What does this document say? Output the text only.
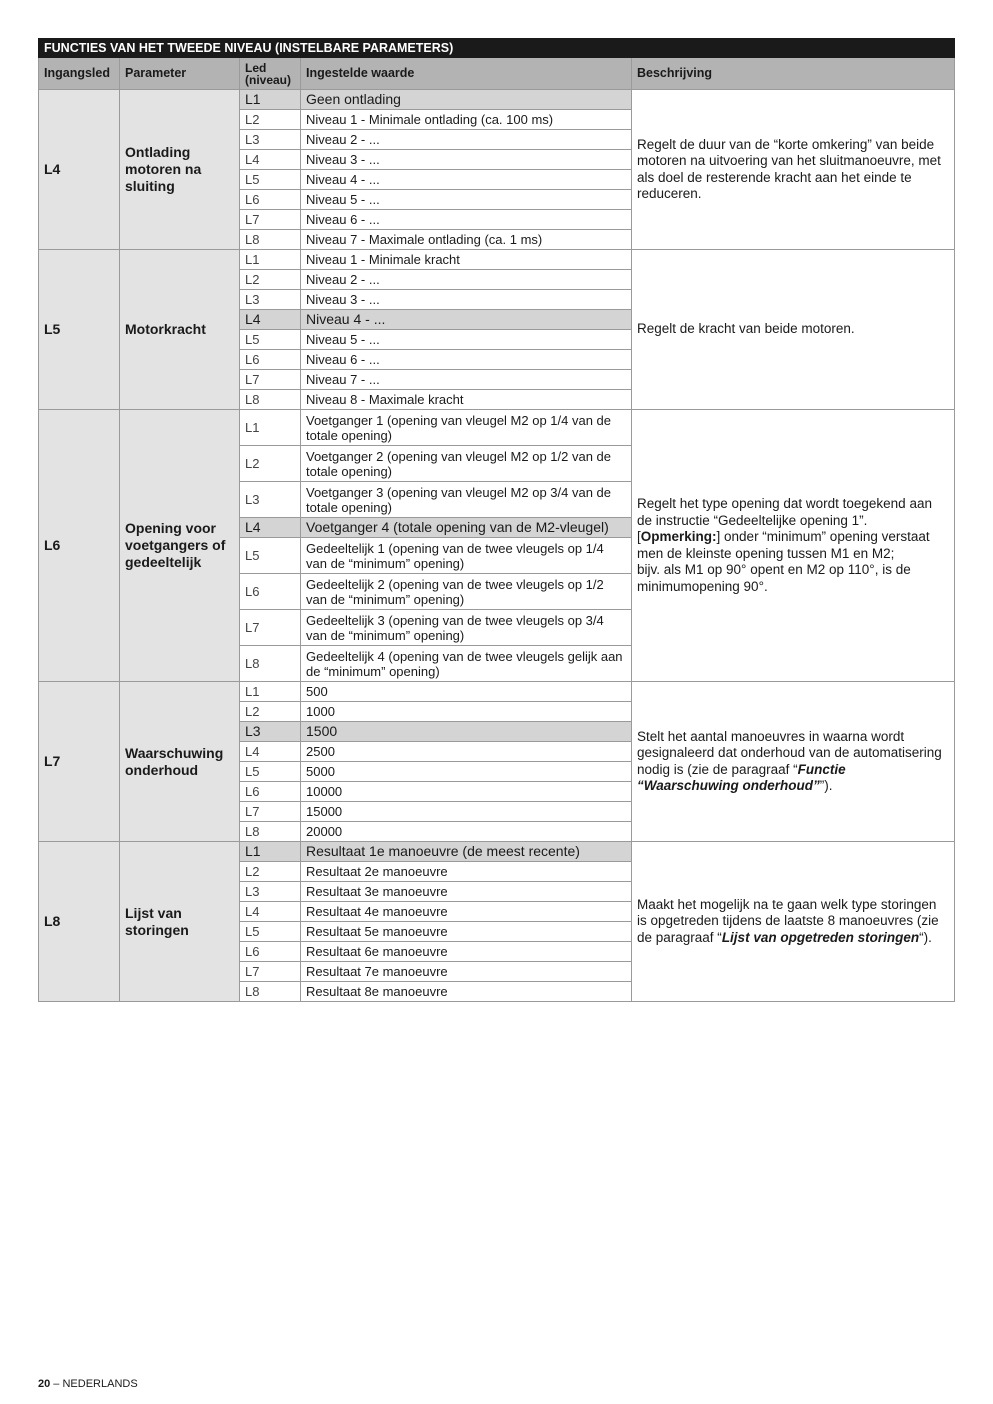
FUNCTIES VAN HET TWEEDE NIVEAU (INSTELBARE PARAMETERS)				
Ingangsled	Parameter	Led (niveau)	Ingestelde waarde	Beschrijving
L4	Ontlading motoren na sluiting	L1	Geen ontlading	Regelt de duur van de “korte omkering” van beide motoren na uitvoering van het sluitmanoeuvre, met als doel de resterende kracht aan het einde te reduceren.
		L2	Niveau 1 - Minimale ontlading (ca. 100 ms)	
		L3	Niveau 2 - ...	
		L4	Niveau 3 - ...	
		L5	Niveau 4 - ...	
		L6	Niveau 5 - ...	
		L7	Niveau 6 - ...	
		L8	Niveau 7 - Maximale ontlading (ca. 1 ms)	
L5	Motorkracht	L1	Niveau 1 - Minimale kracht	Regelt de kracht van beide motoren.
		L2	Niveau 2 - ...	
		L3	Niveau 3 - ...	
		L4	Niveau 4 - ...	
		L5	Niveau 5 - ...	
		L6	Niveau 6 - ...	
		L7	Niveau 7 - ...	
		L8	Niveau 8 - Maximale kracht	
L6	Opening voor voetgangers of gedeeltelijk	L1	Voetganger 1 (opening van vleugel M2 op 1/4 van de totale opening)	Regelt het type opening dat wordt toegekend aan de instructie “Gedeeltelijke opening 1”.
[Opmerking:] onder “minimum” opening verstaat men de kleinste opening tussen M1 en M2;
bijv. als M1 op 90° opent en M2 op 110°, is de minimumopening 90°.
		L2	Voetganger 2 (opening van vleugel M2 op 1/2 van de totale opening)	
		L3	Voetganger 3 (opening van vleugel M2 op 3/4 van de totale opening)	
		L4	Voetganger 4 (totale opening van de M2-vleugel)	
		L5	Gedeeltelijk 1 (opening van de twee vleugels op 1/4 van de “minimum” opening)	
		L6	Gedeeltelijk 2 (opening van de twee vleugels op 1/2 van de “minimum” opening)	
		L7	Gedeeltelijk 3 (opening van de twee vleugels op 3/4 van de “minimum” opening)	
		L8	Gedeeltelijk 4 (opening van de twee vleugels gelijk aan de “minimum” opening)	
L7	Waarschuwing onderhoud	L1	500	Stelt het aantal manoeuvres in waarna wordt gesignaleerd dat onderhoud van de automatisering nodig is (zie de paragraaf “Functie “Waarschuwing onderhoud””).
		L2	1000	
		L3	1500	
		L4	2500	
		L5	5000	
		L6	10000	
		L7	15000	
		L8	20000	
L8	Lijst van storingen	L1	Resultaat 1e manoeuvre (de meest recente)	Maakt het mogelijk na te gaan welk type storingen is opgetreden tijdens de laatste 8 manoeuvres (zie de paragraaf “Lijst van opgetreden storingen“).
		L2	Resultaat 2e manoeuvre	
		L3	Resultaat 3e manoeuvre	
		L4	Resultaat 4e manoeuvre	
		L5	Resultaat 5e manoeuvre	
		L6	Resultaat 6e manoeuvre	
		L7	Resultaat 7e manoeuvre	
		L8	Resultaat 8e manoeuvre	
20 – NEDERLANDS
